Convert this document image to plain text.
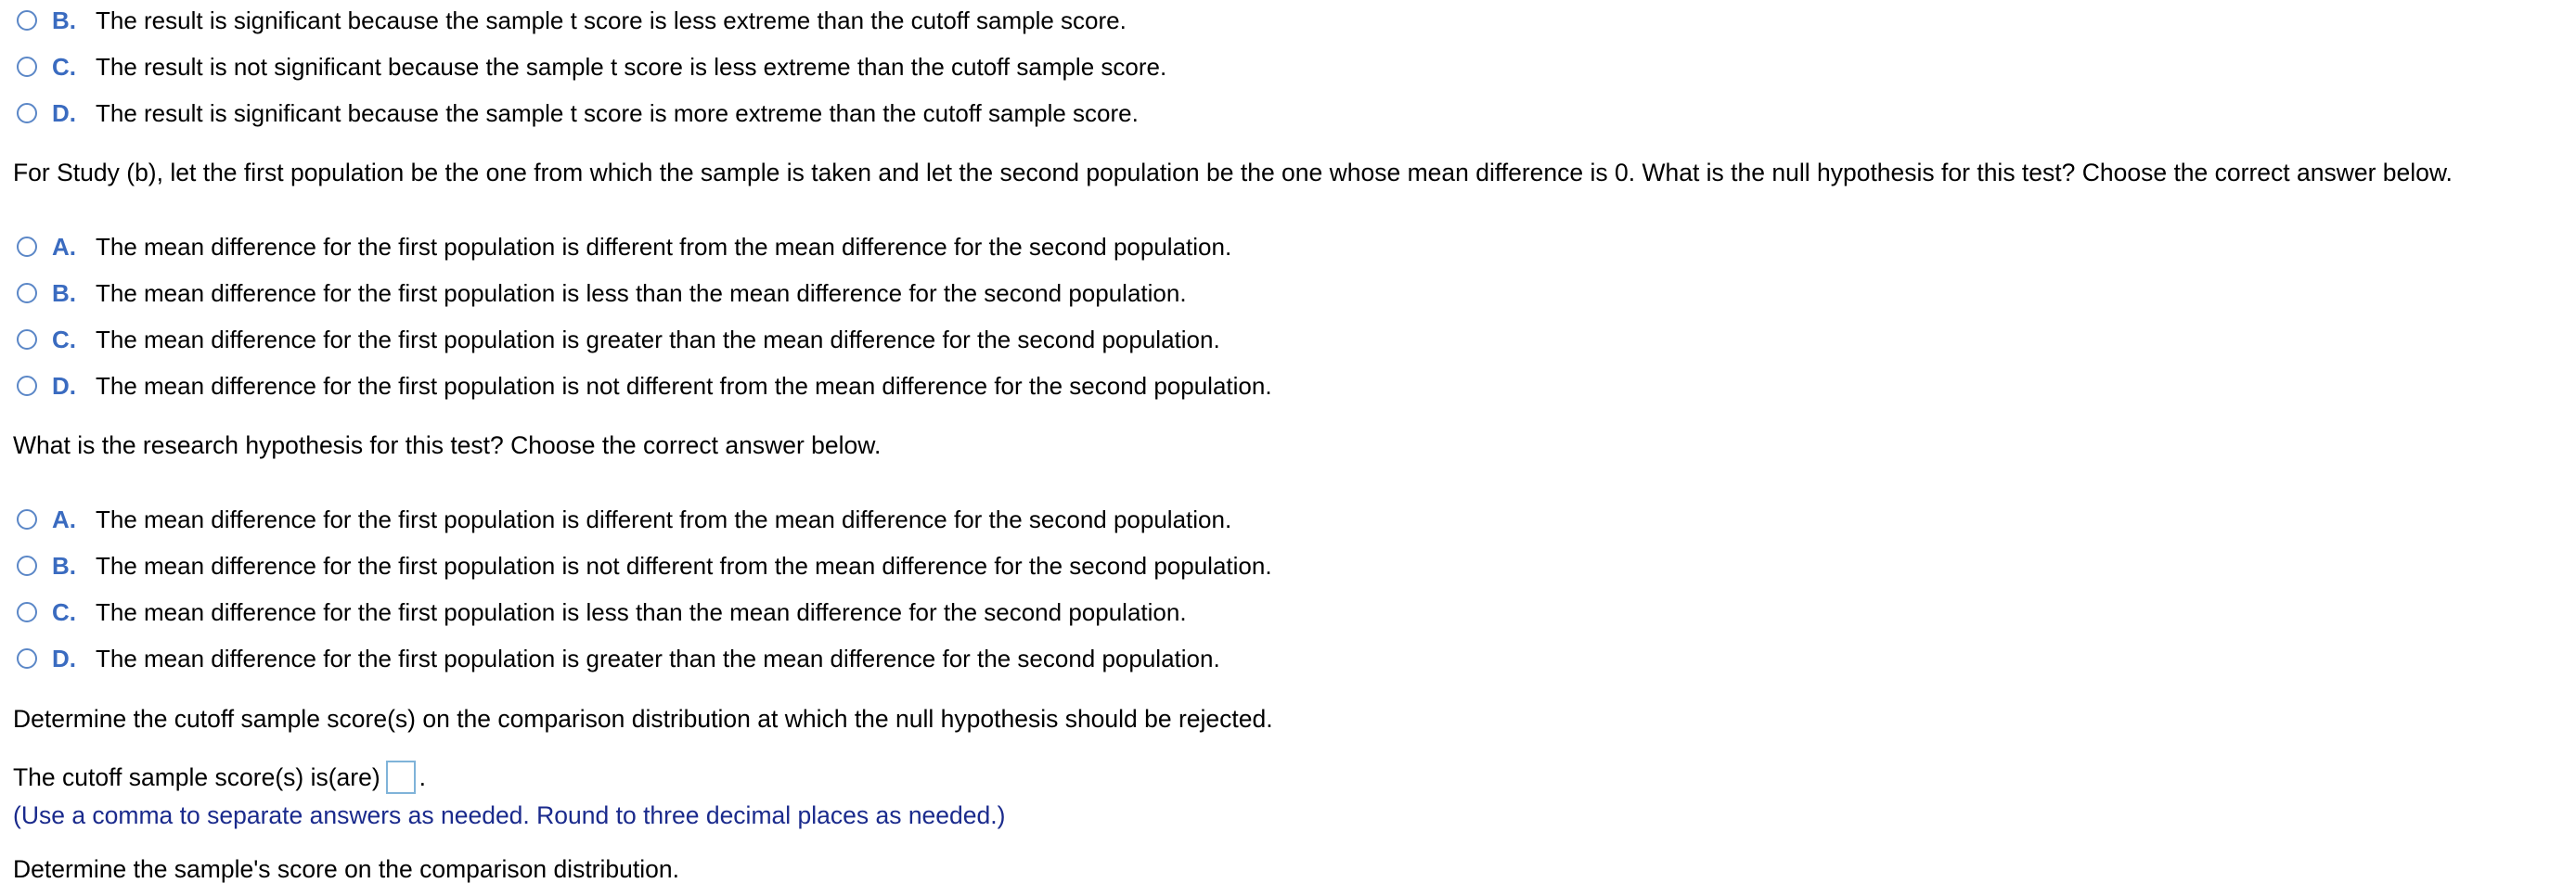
B. The result is significant because the sample t score is less extreme than the cutoff sample score.
C. The result is not significant because the sample t score is less extreme than the cutoff sample score.
D. The result is significant because the sample t score is more extreme than the cutoff sample score.
For Study (b), let the first population be the one from which the sample is taken and let the second population be the one whose mean difference is 0. What is the null hypothesis for this test? Choose the correct answer below.
A. The mean difference for the first population is different from the mean difference for the second population.
B. The mean difference for the first population is less than the mean difference for the second population.
C. The mean difference for the first population is greater than the mean difference for the second population.
D. The mean difference for the first population is not different from the mean difference for the second population.
What is the research hypothesis for this test? Choose the correct answer below.
A. The mean difference for the first population is different from the mean difference for the second population.
B. The mean difference for the first population is not different from the mean difference for the second population.
C. The mean difference for the first population is less than the mean difference for the second population.
D. The mean difference for the first population is greater than the mean difference for the second population.
Determine the cutoff sample score(s) on the comparison distribution at which the null hypothesis should be rejected.
The cutoff sample score(s) is(are) .
(Use a comma to separate answers as needed. Round to three decimal places as needed.)
Determine the sample's score on the comparison distribution.
